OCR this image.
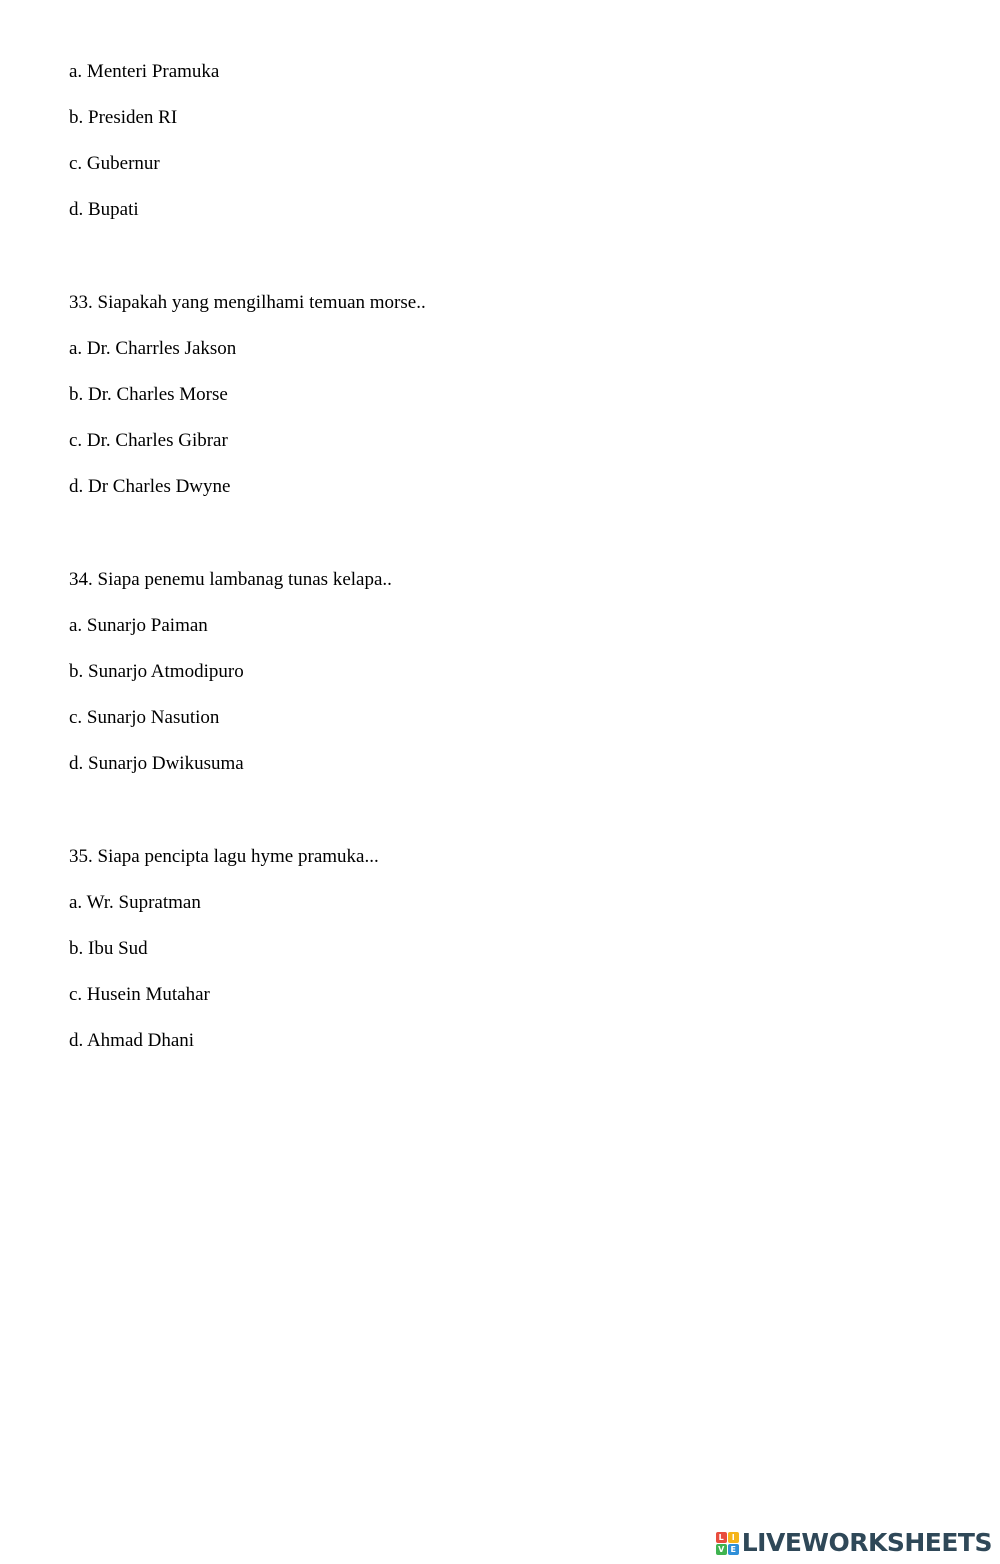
a. Menteri Pramuka
b. Presiden RI
c. Gubernur
d. Bupati
33. Siapakah yang mengilhami temuan morse..
a. Dr. Charrles Jakson
b. Dr. Charles Morse
c. Dr. Charles Gibrar
d. Dr Charles Dwyne
34. Siapa penemu lambanag tunas kelapa..
a. Sunarjo Paiman
b. Sunarjo Atmodipuro
c. Sunarjo Nasution
d. Sunarjo Dwikusuma
35. Siapa pencipta lagu hyme pramuka...
a. Wr. Supratman
b. Ibu Sud
c. Husein Mutahar
d. Ahmad Dhani
L I
V E LIVEWORKSHEETS
